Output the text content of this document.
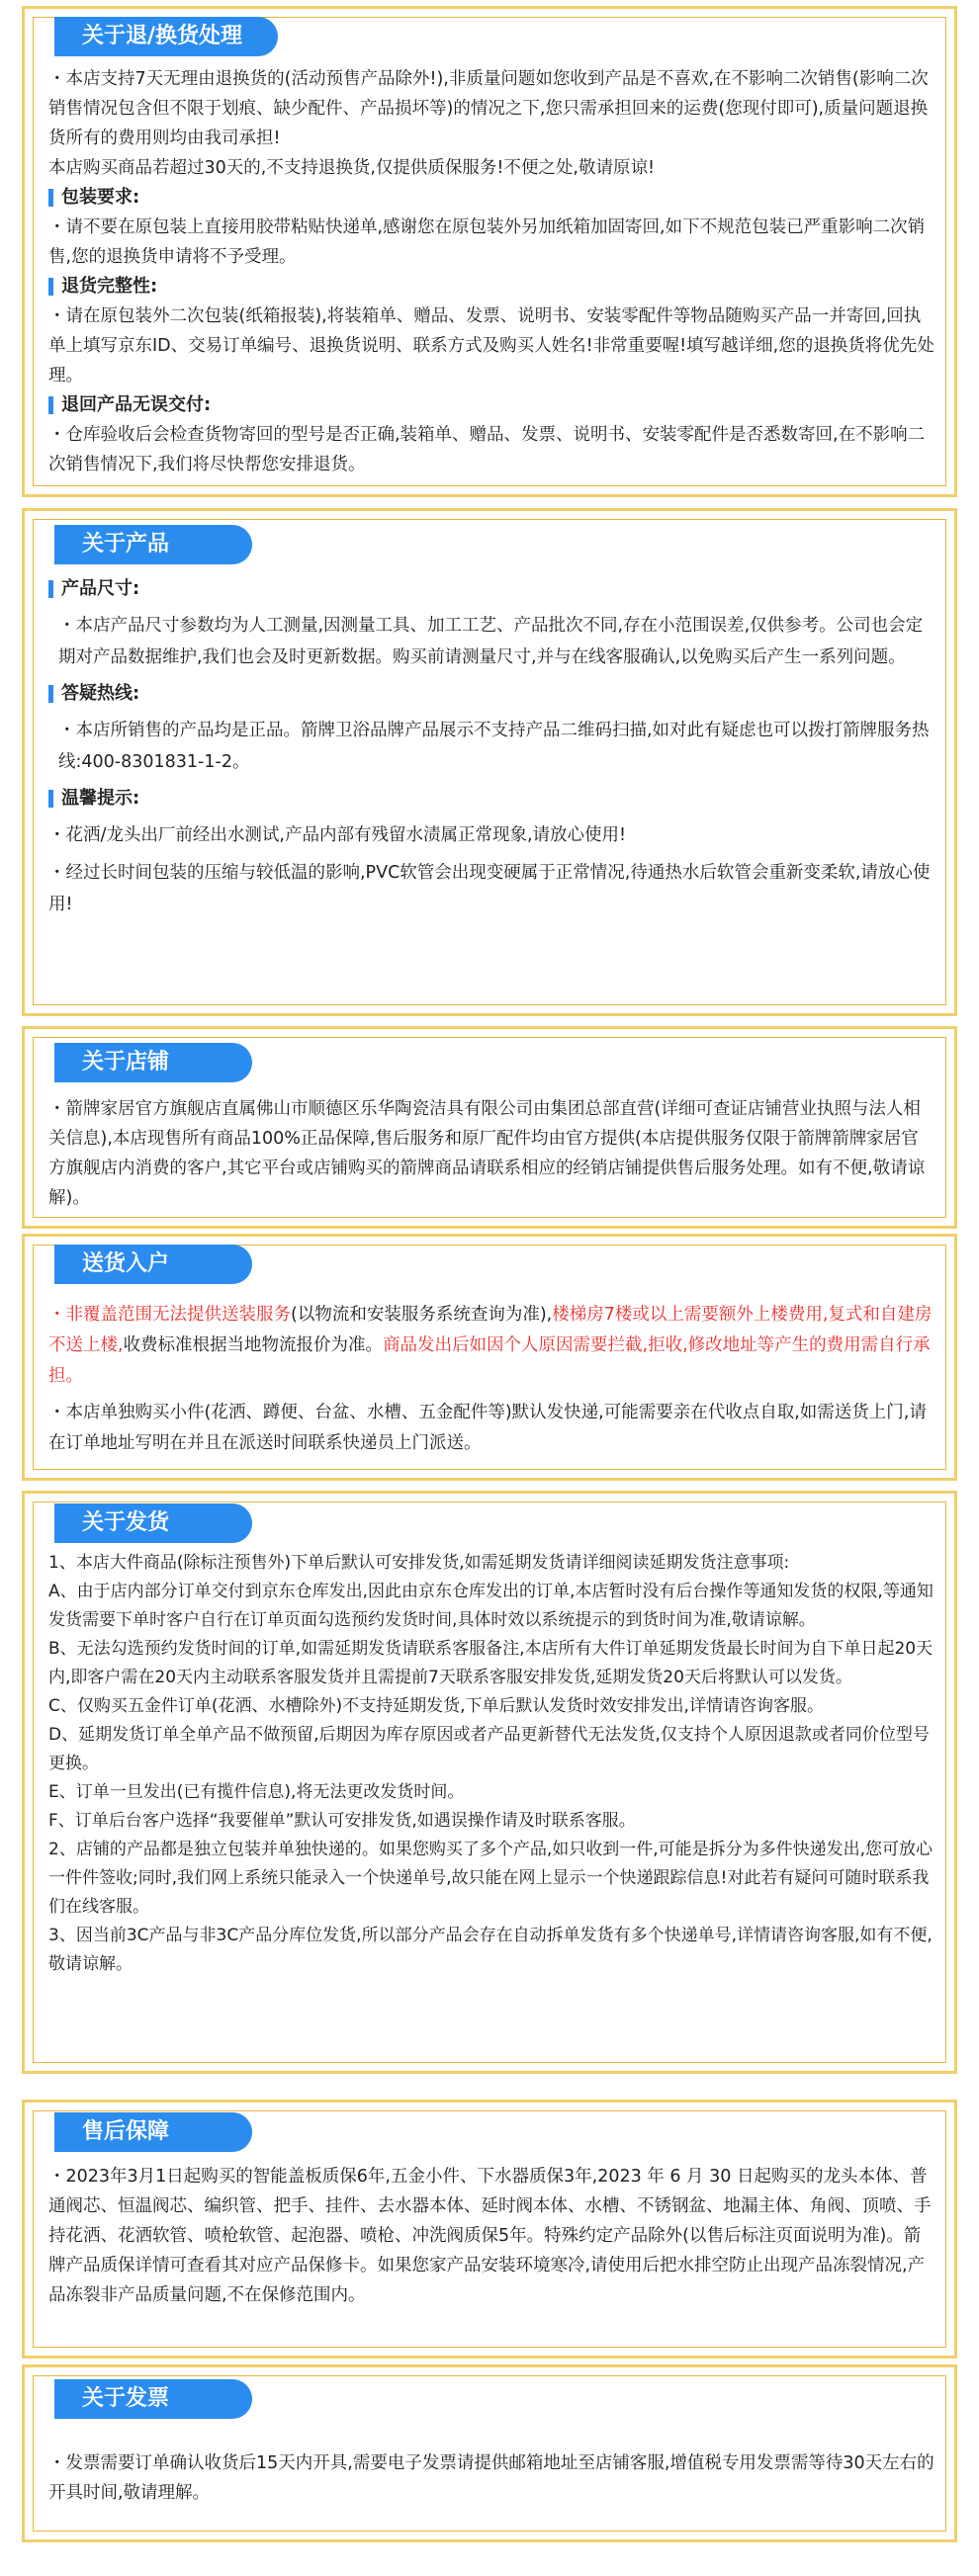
关于退/换货处理

・本店支持7天无理由退换货的(活动预售产品除外!),非质量问题如您收到产品是不喜欢,在不影响二次销售(影响二次销售情况包含但不限于划痕、缺少配件、产品损坏等)的情况之下,您只需承担回来的运费(您现付即可),质量问题退换货所有的费用则均由我司承担!

本店购买商品若超过30天的,不支持退换货,仅提供质保服务!不便之处,敬请原谅!

包装要求:

・请不要在原包装上直接用胶带粘贴快递单,感谢您在原包装外另加纸箱加固寄回,如下不规范包装已严重影响二次销售,您的退换货申请将不予受理。

退货完整性:

・请在原包装外二次包装(纸箱报装),将装箱单、赠品、发票、说明书、安装零配件等物品随购买产品一并寄回,回执单上填写京东ID、交易订单编号、退换货说明、联系方式及购买人姓名!非常重要喔!填写越详细,您的退换货将优先处理。

退回产品无误交付:

・仓库验收后会检查货物寄回的型号是否正确,装箱单、赠品、发票、说明书、安装零配件是否悉数寄回,在不影响二次销售情况下,我们将尽快帮您安排退货。

关于产品
产品尺寸:

・本店产品尺寸参数均为人工测量,因测量工具、加工工艺、产品批次不同,存在小范围误差,仅供参考。公司也会定期对产品数据维护,我们也会及时更新数据。购买前请测量尺寸,并与在线客服确认,以免购买后产生一系列问题。

答疑热线:

・本店所销售的产品均是正品。箭牌卫浴品牌产品展示不支持产品二维码扫描,如对此有疑虑也可以拨打箭牌服务热线:400-8301831-1-2。

温馨提示:

・花洒/龙头出厂前经出水测试,产品内部有残留水渍属正常现象,请放心使用!

・经过长时间包装的压缩与较低温的影响,PVC软管会出现变硬属于正常情况,待通热水后软管会重新变柔软,请放心使用!

关于店铺

・箭牌家居官方旗舰店直属佛山市顺德区乐华陶瓷洁具有限公司由集团总部直营(详细可查证店铺营业执照与法人相关信息),本店现售所有商品100%正品保障,售后服务和原厂配件均由官方提供(本店提供服务仅限于箭牌箭牌家居官方旗舰店内消费的客户,其它平台或店铺购买的箭牌商品请联系相应的经销店铺提供售后服务处理。如有不便,敬请谅解)。

送货入户

・非覆盖范围无法提供送装服务(以物流和安装服务系统查询为准),楼梯房7楼或以上需要额外上楼费用,复式和自建房不送上楼,收费标准根据当地物流报价为准。商品发出后如因个人原因需要拦截,拒收,修改地址等产生的费用需自行承担。

・本店单独购买小件(花洒、蹲便、台盆、水槽、五金配件等)默认发快递,可能需要亲在代收点自取,如需送货上门,请在订单地址写明在并且在派送时间联系快递员上门派送。

关于发货

1、本店大件商品(除标注预售外)下单后默认可安排发货,如需延期发货请详细阅读延期发货注意事项:

A、由于店内部分订单交付到京东仓库发出,因此由京东仓库发出的订单,本店暂时没有后台操作等通知发货的权限,等通知发货需要下单时客户自行在订单页面勾选预约发货时间,具体时效以系统提示的到货时间为准,敬请谅解。

B、无法勾选预约发货时间的订单,如需延期发货请联系客服备注,本店所有大件订单延期发货最长时间为自下单日起20天内,即客户需在20天内主动联系客服发货并且需提前7天联系客服安排发货,延期发货20天后将默认可以发货。

C、仅购买五金件订单(花洒、水槽除外)不支持延期发货,下单后默认发货时效安排发出,详情请咨询客服。

D、延期发货订单全单产品不做预留,后期因为库存原因或者产品更新替代无法发货,仅支持个人原因退款或者同价位型号更换。

E、订单一旦发出(已有揽件信息),将无法更改发货时间。

F、订单后台客户选择“我要催单”默认可安排发货,如遇误操作请及时联系客服。

2、店铺的产品都是独立包装并单独快递的。如果您购买了多个产品,如只收到一件,可能是拆分为多件快递发出,您可放心一件件签收;同时,我们网上系统只能录入一个快递单号,故只能在网上显示一个快递跟踪信息!对此若有疑问可随时联系我们在线客服。

3、因当前3C产品与非3C产品分库位发货,所以部分产品会存在自动拆单发货有多个快递单号,详情请咨询客服,如有不便,敬请谅解。

售后保障

・2023年3月1日起购买的智能盖板质保6年,五金小件、下水器质保3年,2023 年 6 月 30 日起购买的龙头本体、普通阀芯、恒温阀芯、编织管、把手、挂件、去水器本体、延时阀本体、水槽、不锈钢盆、地漏主体、角阀、顶喷、手持花洒、花洒软管、喷枪软管、起泡器、喷枪、冲洗阀质保5年。特殊约定产品除外(以售后标注页面说明为准)。箭牌产品质保详情可查看其对应产品保修卡。如果您家产品安装环境寒冷,请使用后把水排空防止出现产品冻裂情况,产品冻裂非产品质量问题,不在保修范围内。

关于发票

・发票需要订单确认收货后15天内开具,需要电子发票请提供邮箱地址至店铺客服,增值税专用发票需等待30天左右的开具时间,敬请理解。
